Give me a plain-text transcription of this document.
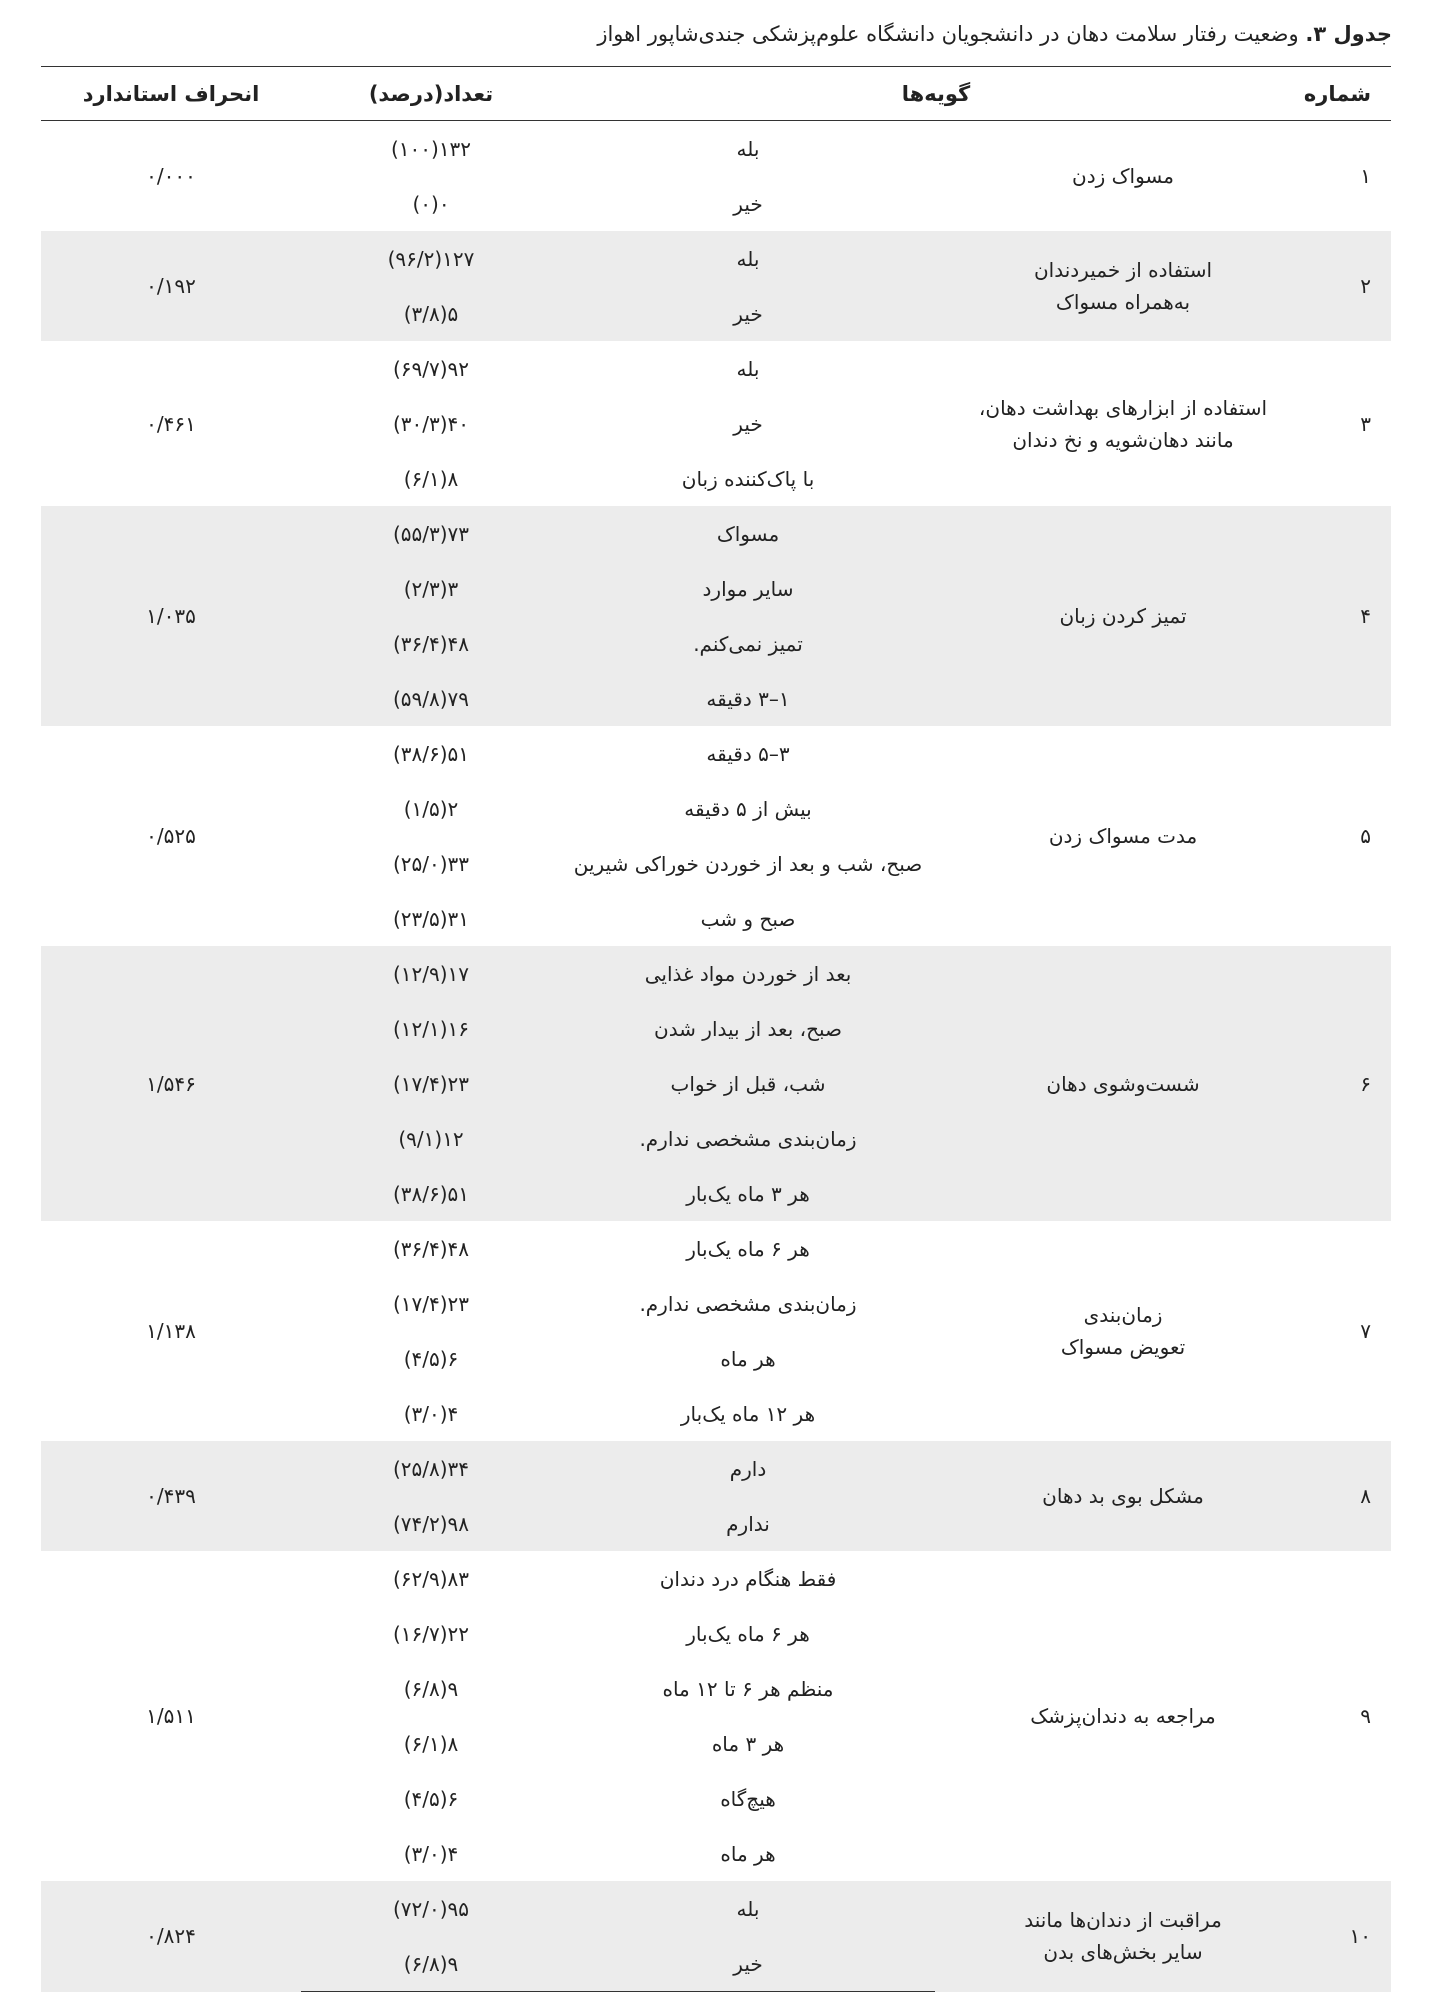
جدول ۳. وضعیت رفتار سلامت دهان در دانشجویان دانشگاه علوم‌پزشکی جندی‌شاپور اهواز
شماره	گویه‌ها		تعداد(درصد)	انحراف استاندارد
۱	مسواک زدن	بله	۱۳۲(۱۰۰)	۰/۰۰۰
		خیر	۰(۰)	
۲	استفاده از خمیردندان
به‌همراه مسواک	بله	۱۲۷(۹۶/۲)	۰/۱۹۲
		خیر	۵(۳/۸)	
۳	استفاده از ابزارهای بهداشت دهان،
مانند دهان‌شویه و نخ دندان	بله	۹۲(۶۹/۷)	۰/۴۶۱
		خیر	۴۰(۳۰/۳)	
		با پاک‌کننده زبان	۸(۶/۱)	
۴	تمیز کردن زبان	مسواک	۷۳(۵۵/۳)	۱/۰۳۵
		سایر موارد	۳(۲/۳)	
		تمیز نمی‌کنم.	۴۸(۳۶/۴)	
		۱–۳ دقیقه	۷۹(۵۹/۸)	
۵	مدت مسواک زدن	۳–۵ دقیقه	۵۱(۳۸/۶)	۰/۵۲۵
		بیش از ۵ دقیقه	۲(۱/۵)	
		صبح، شب و بعد از خوردن خوراکی شیرین	۳۳(۲۵/۰)	
		صبح و شب	۳۱(۲۳/۵)	
۶	شست‌وشوی دهان	بعد از خوردن مواد غذایی	۱۷(۱۲/۹)	۱/۵۴۶
		صبح، بعد از بیدار شدن	۱۶(۱۲/۱)	
		شب، قبل از خواب	۲۳(۱۷/۴)	
		زمان‌بندی مشخصی ندارم.	۱۲(۹/۱)	
		هر ۳ ماه یک‌بار	۵۱(۳۸/۶)	
۷	زمان‌بندی
تعویض مسواک	هر ۶ ماه یک‌بار	۴۸(۳۶/۴)	۱/۱۳۸
		زمان‌بندی مشخصی ندارم.	۲۳(۱۷/۴)	
		هر ماه	۶(۴/۵)	
		هر ۱۲ ماه یک‌بار	۴(۳/۰)	
۸	مشکل بوی بد دهان	دارم	۳۴(۲۵/۸)	۰/۴۳۹
		ندارم	۹۸(۷۴/۲)	
۹	مراجعه به دندان‌پزشک	فقط هنگام درد دندان	۸۳(۶۲/۹)	۱/۵۱۱
		هر ۶ ماه یک‌بار	۲۲(۱۶/۷)	
		منظم هر ۶ تا ۱۲ ماه	۹(۶/۸)	
		هر ۳ ماه	۸(۶/۱)	
		هیچ‌گاه	۶(۴/۵)	
		هر ماه	۴(۳/۰)	
۱۰	مراقبت از دندان‌ها مانند
سایر بخش‌های بدن	بله	۹۵(۷۲/۰)	۰/۸۲۴
		خیر	۹(۶/۸)	
